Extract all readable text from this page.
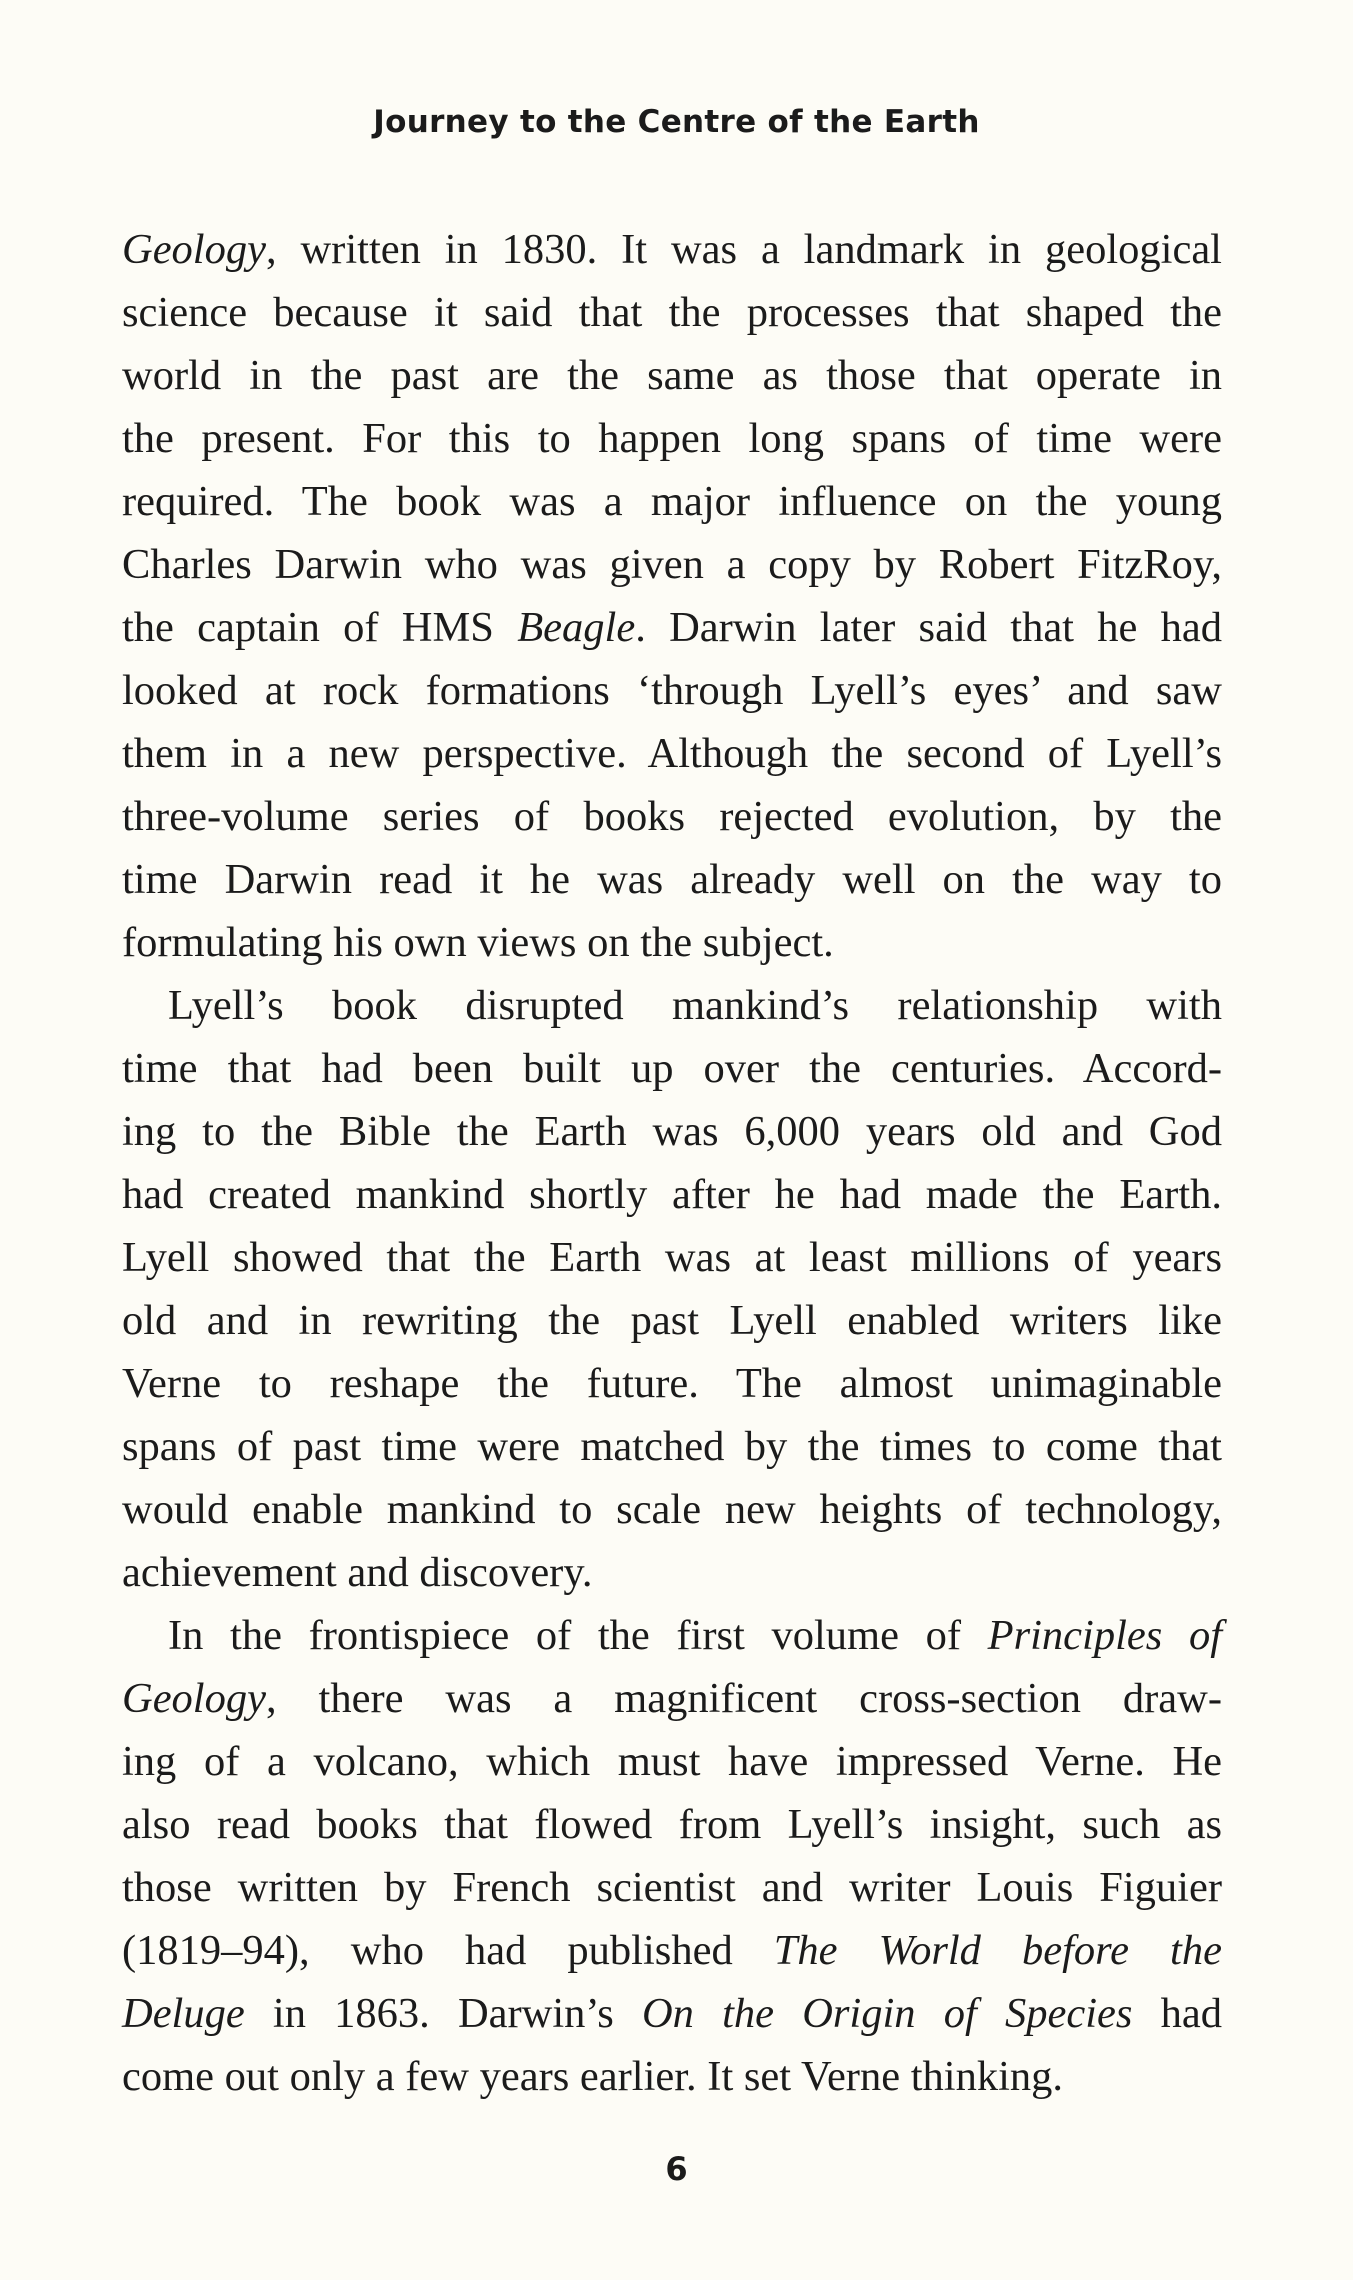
Journey to the Centre of the Earth
Geology, written in 1830. It was a landmark in geological
science because it said that the processes that shaped the
world in the past are the same as those that operate in
the present. For this to happen long spans of time were
required. The book was a major influence on the young
Charles Darwin who was given a copy by Robert FitzRoy,
the captain of HMS Beagle. Darwin later said that he had
looked at rock formations ‘through Lyell’s eyes’ and saw
them in a new perspective. Although the second of Lyell’s
three-volume series of books rejected evolution, by the
time Darwin read it he was already well on the way to
formulating his own views on the subject.
Lyell’s book disrupted mankind’s relationship with
time that had been built up over the centuries. Accord-
ing to the Bible the Earth was 6,000 years old and God
had created mankind shortly after he had made the Earth.
Lyell showed that the Earth was at least millions of years
old and in rewriting the past Lyell enabled writers like
Verne to reshape the future. The almost unimaginable
spans of past time were matched by the times to come that
would enable mankind to scale new heights of technology,
achievement and discovery.
In the frontispiece of the first volume of Principles of
Geology, there was a magnificent cross-section draw-
ing of a volcano, which must have impressed Verne. He
also read books that flowed from Lyell’s insight, such as
those written by French scientist and writer Louis Figuier
(1819–94), who had published The World before the
Deluge in 1863. Darwin’s On the Origin of Species had
come out only a few years earlier. It set Verne thinking.
6
